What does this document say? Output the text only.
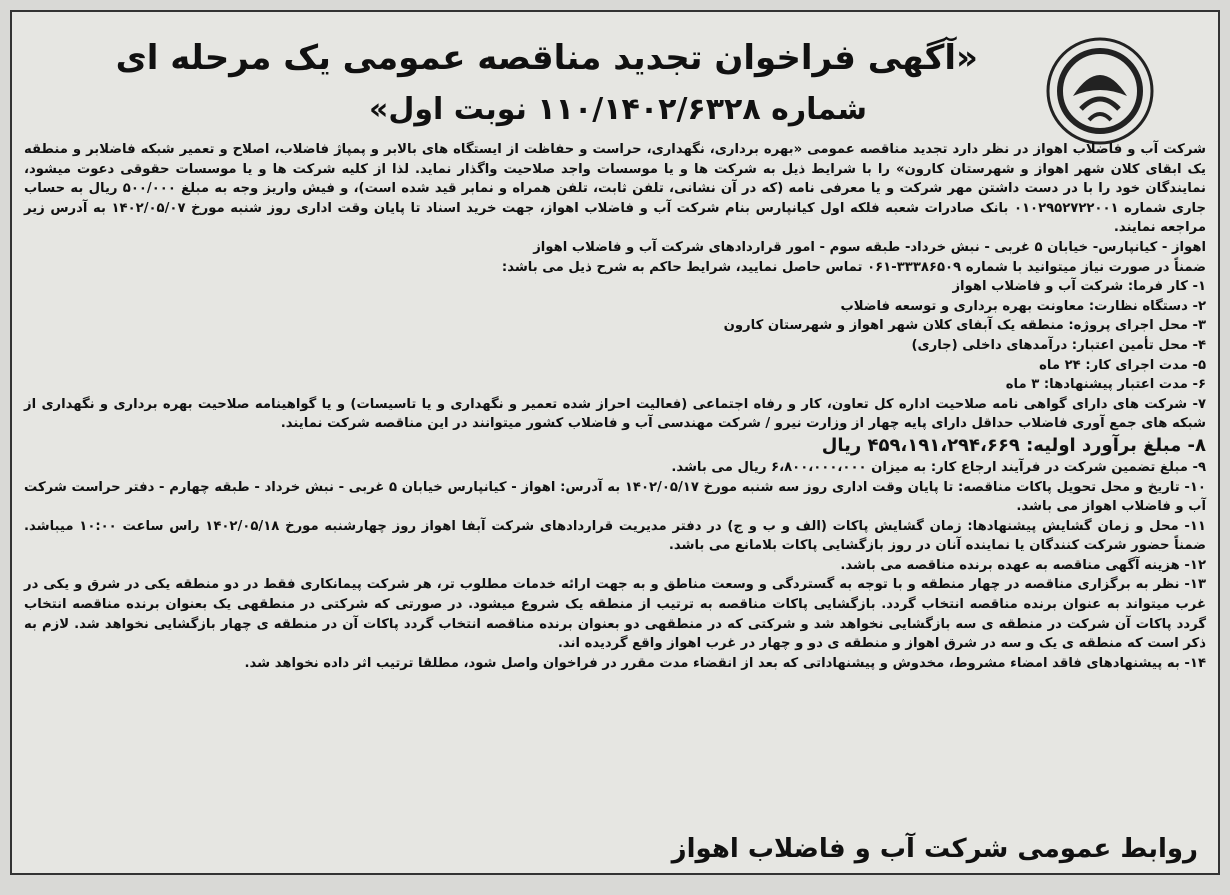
«آگهی فراخوان تجدید مناقصه عمومی یک مرحله ای
شماره ۱۱۰/۱۴۰۲/۶۳۲۸ نوبت اول»

شرکت آب و فاضلاب اهواز در نظر دارد تجدید مناقصه عمومی «بهره برداری، نگهداری، حراست و حفاظت از ایستگاه های بالابر و پمپاژ فاضلاب، اصلاح و تعمیر شبکه فاضلابر و منطقه یک ابقای کلان شهر اهواز و شهرستان کارون» را با شرایط ذیل به شرکت ها و یا موسسات واجد صلاحیت واگذار نماید. لذا از کلیه شرکت ها و یا موسسات حقوقی دعوت میشود، نمایندگان خود را با در دست داشتن مهر شرکت و یا معرفی نامه (که در آن نشانی، تلفن ثابت، تلفن همراه و نمابر قید شده است)، و فیش واریز وجه به مبلغ ۵۰۰/۰۰۰ ریال به حساب جاری شماره ۰۱۰۲۹۵۲۷۲۲۰۰۱ بانک صادرات شعبه فلکه اول کیانپارس بنام شرکت آب و فاضلاب اهواز، جهت خرید اسناد تا پایان وقت اداری روز شنبه مورخ ۱۴۰۲/۰۵/۰۷ به آدرس زیر مراجعه نمایند.

اهواز - کیانپارس- خیابان ۵ غربی - نبش خرداد- طبقه سوم - امور قراردادهای شرکت آب و فاضلاب اهواز

ضمناً در صورت نیاز میتوانید با شماره ۳۳۳۸۶۵۰۹-۰۶۱ تماس حاصل نمایید، شرایط حاکم به شرح ذیل می باشد:

۱- کار فرما: شرکت آب و فاضلاب اهواز

۲- دستگاه نظارت: معاونت بهره برداری و توسعه فاضلاب

۳- محل اجرای پروژه: منطقه یک آبفای کلان شهر اهواز و شهرستان کارون

۴- محل تأمین اعتبار: درآمدهای داخلی (جاری)

۵- مدت اجرای کار: ۲۴ ماه

۶- مدت اعتبار پیشنهادها: ۳ ماه

۷- شرکت های دارای گواهی نامه صلاحیت اداره کل تعاون، کار و رفاه اجتماعی (فعالیت احراز شده تعمیر و نگهداری و یا تاسیسات) و یا گواهینامه صلاحیت بهره برداری و نگهداری از شبکه های جمع آوری فاضلاب حداقل دارای پایه چهار از وزارت نیرو / شرکت مهندسی آب و فاضلاب کشور میتوانند در این مناقصه شرکت نمایند.

۸- مبلغ برآورد اولیه: ۴۵۹،۱۹۱،۲۹۴،۶۶۹ ریال

۹- مبلغ تضمین شرکت در فرآیند ارجاع کار: به میزان ۶،۸۰۰،۰۰۰،۰۰۰ ریال می باشد.

۱۰- تاریخ و محل تحویل پاکات مناقصه: تا پایان وقت اداری روز سه شنبه مورخ ۱۴۰۲/۰۵/۱۷ به آدرس: اهواز - کیانپارس خیابان ۵ غربی - نبش خرداد - طبقه چهارم - دفتر حراست شرکت آب و فاضلاب اهواز می باشد.

۱۱- محل و زمان گشایش پیشنهادها: زمان گشایش پاکات (الف و ب و ج) در دفتر مدیریت قراردادهای شرکت آبفا اهواز روز چهارشنبه مورخ ۱۴۰۲/۰۵/۱۸ راس ساعت ۱۰:۰۰ میباشد. ضمناً حضور شرکت کنندگان یا نماینده آنان در روز بازگشایی پاکات بلامانع می باشد.

۱۲- هزینه آگهی مناقصه به عهده برنده مناقصه می باشد.

۱۳- نظر به برگزاری مناقصه در چهار منطقه و با توجه به گستردگی و وسعت مناطق و به جهت ارائه خدمات مطلوب تر، هر شرکت پیمانکاری فقط در دو منطقه یکی در شرق و یکی در غرب میتواند به عنوان برنده مناقصه انتخاب گردد. بازگشایی پاکات مناقصه به ترتیب از منطقه یک شروع میشود. در صورتی که شرکتی در منطقهی یک بعنوان برنده مناقصه انتخاب گردد پاکات آن شرکت در منطقه ی سه بازگشایی نخواهد شد و شرکتی که در منطقهی دو بعنوان برنده مناقصه انتخاب گردد پاکات آن در منطقه ی چهار بازگشایی نخواهد شد. لازم به ذکر است که منطقه ی یک و سه در شرق اهواز و منطقه ی دو و چهار در غرب اهواز واقع گردیده اند.

۱۴- به پیشنهادهای فاقد امضاء مشروط، مخدوش و پیشنهاداتی که بعد از انقضاء مدت مقرر در فراخوان واصل شود، مطلقا ترتیب اثر داده نخواهد شد.

روابط عمومی شرکت آب و فاضلاب اهواز
